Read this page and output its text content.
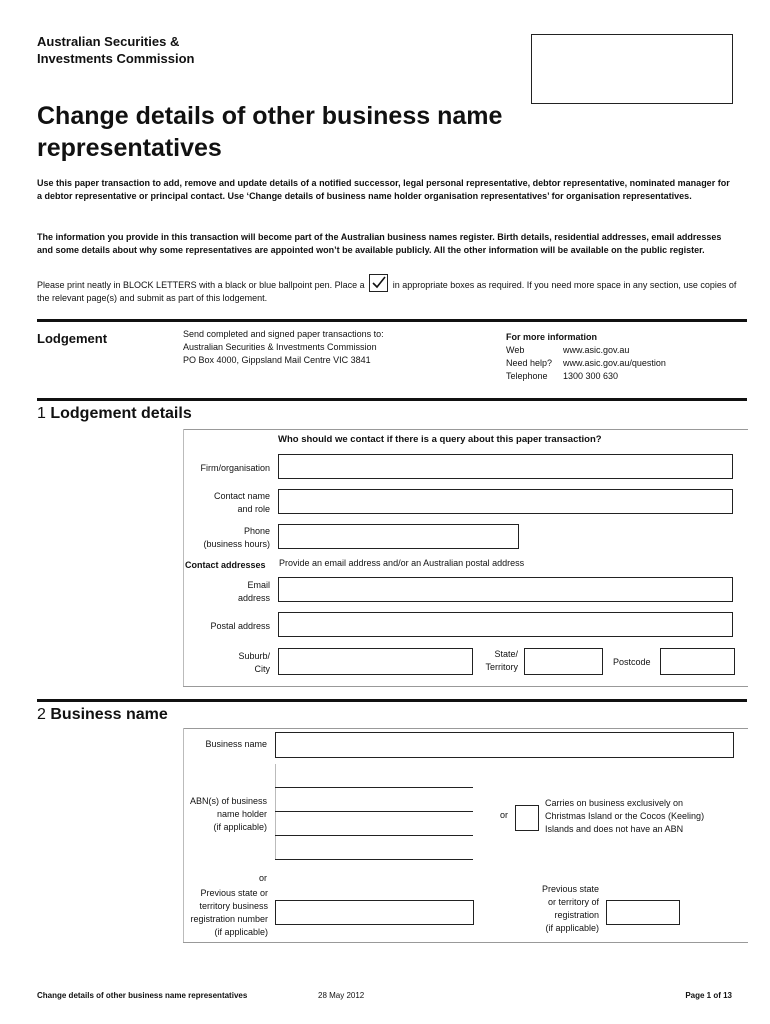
Australian Securities &
Investments Commission
Change details of other business name
representatives
Use this paper transaction to add, remove and update details of a notified successor, legal personal representative, debtor representative, nominated manager for a debtor representative or principal contact. Use ‘Change details of business name holder organisation representatives’ for organisation representatives.
The information you provide in this transaction will become part of the Australian business names register. Birth details, residential addresses, email addresses and some details about why some representatives are appointed won’t be available publicly. All the other information will be available on the public register.
Please print neatly in BLOCK LETTERS with a black or blue ballpoint pen. Place a	in appropriate boxes as required. If you need more space in any section, use copies of the relevant page(s) and submit as part of this lodgement.
Lodgement	Send completed and signed paper transactions to:
Australian Securities & Investments Commission
PO Box 4000, Gippsland Mail Centre VIC 3841
For more information
Web	www.asic.gov.au
Need help? www.asic.gov.au/question
Telephone 1300 300 630
1 Lodgement details
Who should we contact if there is a query about this paper transaction?
Firm/organisation
Contact name
and role
Phone
(business hours)
Contact addresses Provide an email address and/or an Australian postal address
Email
address
Postal address
Suburb/
City
State/
Territory	Postcode
2 Business name
Business name
ABN(s) of business
name holder
(if applicable)
or
Carries on business exclusively on
Christmas Island or the Cocos (Keeling)
Islands and does not have an ABN
or
Previous state or
territory business
registration number
(if applicable)
Previous state
or territory of
registration
(if applicable)
Change details of other business name representatives	28 May 2012	Page 1 of 13
